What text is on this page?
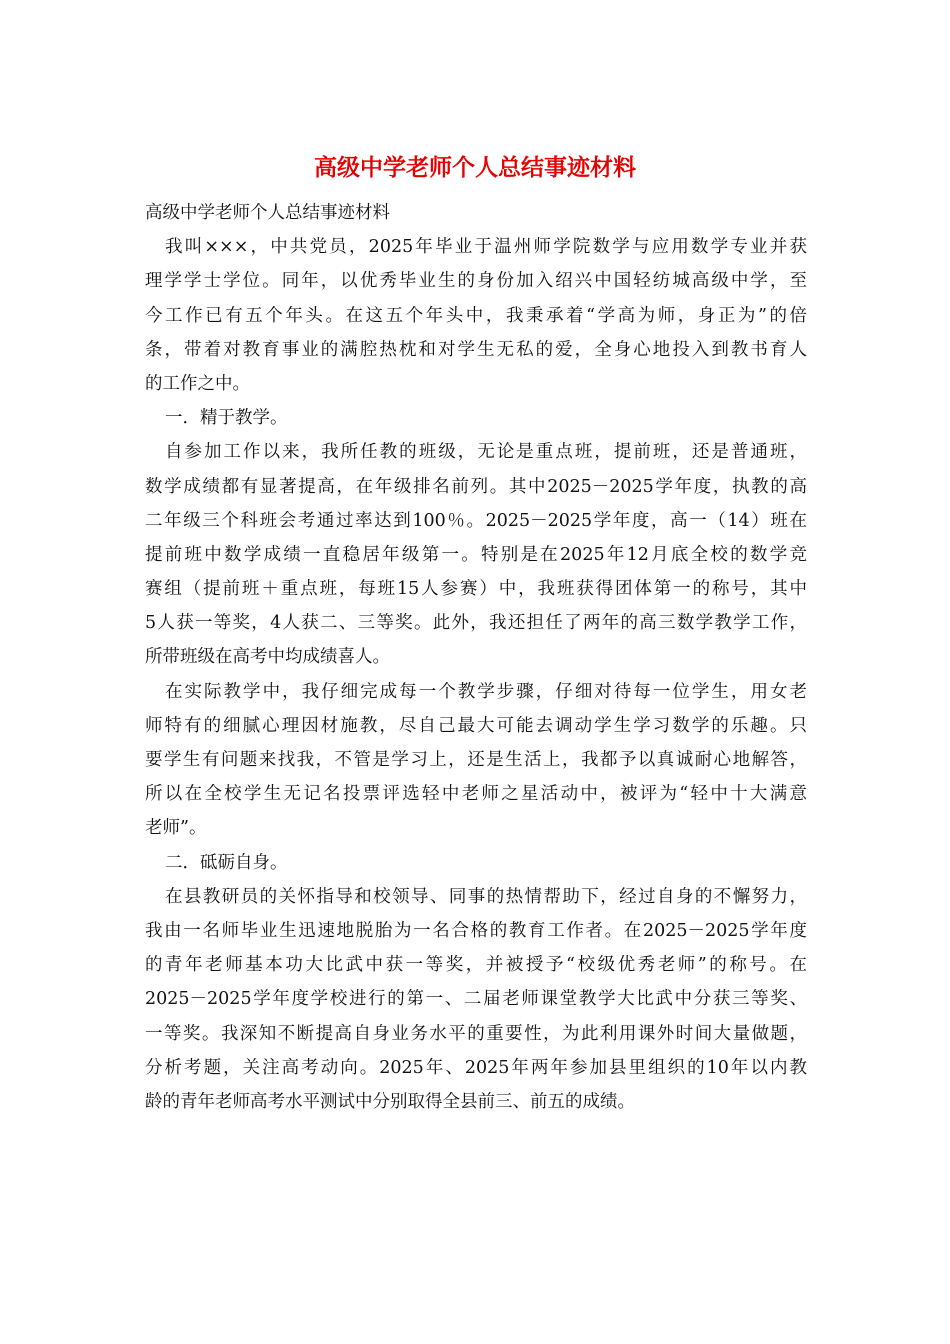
高级中学老师个人总结事迹材料
高级中学老师个人总结事迹材料
我叫×××，中共党员，2025年毕业于温州师学院数学与应用数学专业并获
理学学士学位。同年，以优秀毕业生的身份加入绍兴中国轻纺城高级中学，至
今工作已有五个年头。在这五个年头中，我秉承着“学高为师，身正为”的倍
条，带着对教育事业的满腔热枕和对学生无私的爱，全身心地投入到教书育人
的工作之中。
一．精于教学。
自参加工作以来，我所任教的班级，无论是重点班，提前班，还是普通班，
数学成绩都有显著提高，在年级排名前列。其中2025－2025学年度，执教的高
二年级三个科班会考通过率达到100％。2025－2025学年度，高一（14）班在
提前班中数学成绩一直稳居年级第一。特别是在2025年12月底全校的数学竞
赛组（提前班＋重点班，每班15人参赛）中，我班获得团体第一的称号，其中
5人获一等奖，4人获二、三等奖。此外，我还担任了两年的高三数学教学工作，
所带班级在高考中均成绩喜人。
在实际教学中，我仔细完成每一个教学步骤，仔细对待每一位学生，用女老
师特有的细腻心理因材施教，尽自己最大可能去调动学生学习数学的乐趣。只
要学生有问题来找我，不管是学习上，还是生活上，我都予以真诚耐心地解答，
所以在全校学生无记名投票评选轻中老师之星活动中，被评为“轻中十大满意
老师”。
二．砥砺自身。
在县教研员的关怀指导和校领导、同事的热情帮助下，经过自身的不懈努力，
我由一名师毕业生迅速地脱胎为一名合格的教育工作者。在2025－2025学年度
的青年老师基本功大比武中获一等奖，并被授予“校级优秀老师”的称号。在
2025－2025学年度学校进行的第一、二届老师课堂教学大比武中分获三等奖、
一等奖。我深知不断提高自身业务水平的重要性，为此利用课外时间大量做题，
分析考题，关注高考动向。2025年、2025年两年参加县里组织的10年以内教
龄的青年老师高考水平测试中分别取得全县前三、前五的成绩。
